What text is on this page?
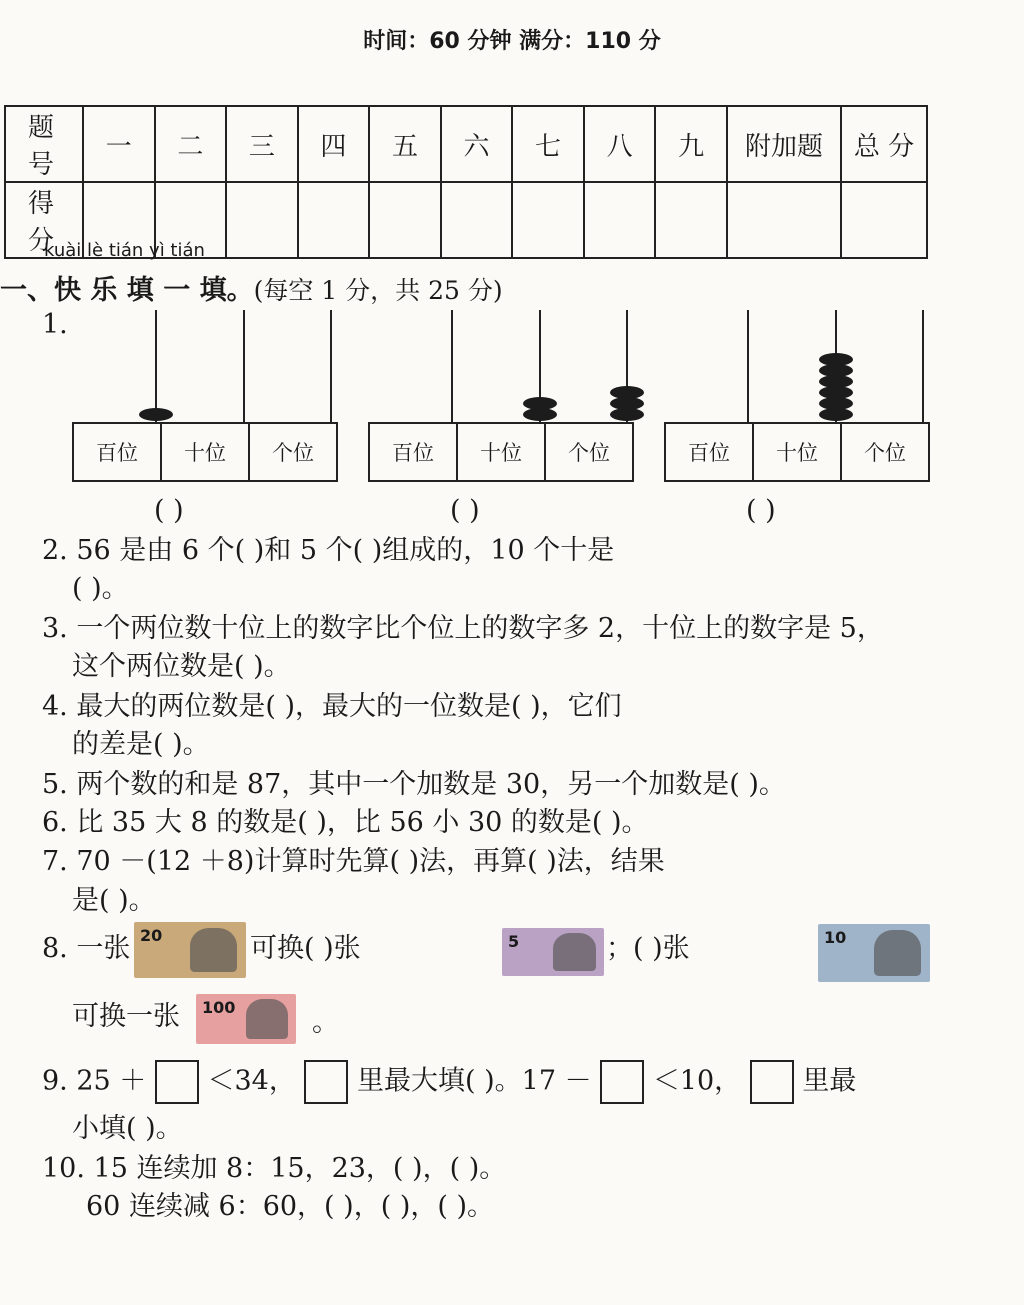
时间：60 分钟 满分：110 分
题 号	一	二	三	四	五	六	七	八	九	附加题	总 分
得 分											
kuài lè tián yì tián
一、快 乐 填 一 填。(每空 1 分，共 25 分)
1.
百位	十位	个位
( )
百位	十位	个位
( )
百位	十位	个位
( )
2. 56 是由 6 个( )和 5 个( )组成的，10 个十是
( )。
3. 一个两位数十位上的数字比个位上的数字多 2，十位上的数字是 5，
这个两位数是( )。
4. 最大的两位数是( )，最大的一位数是( )，它们
的差是( )。
5. 两个数的和是 87，其中一个加数是 30，另一个加数是( )。
6. 比 35 大 8 的数是( )，比 56 小 30 的数是( )。
7. 70 －(12 ＋8)计算时先算( )法，再算( )法，结果
是( )。
8. 一张 20	可换( )张	5	；( )张	10
可换一张 100	。
9. 25 ＋ ＜34， 里最大填( )。17 － ＜10， 里最
小填( )。
10. 15 连续加 8：15，23，( )，( )。
60 连续减 6：60，( )，( )，( )。
